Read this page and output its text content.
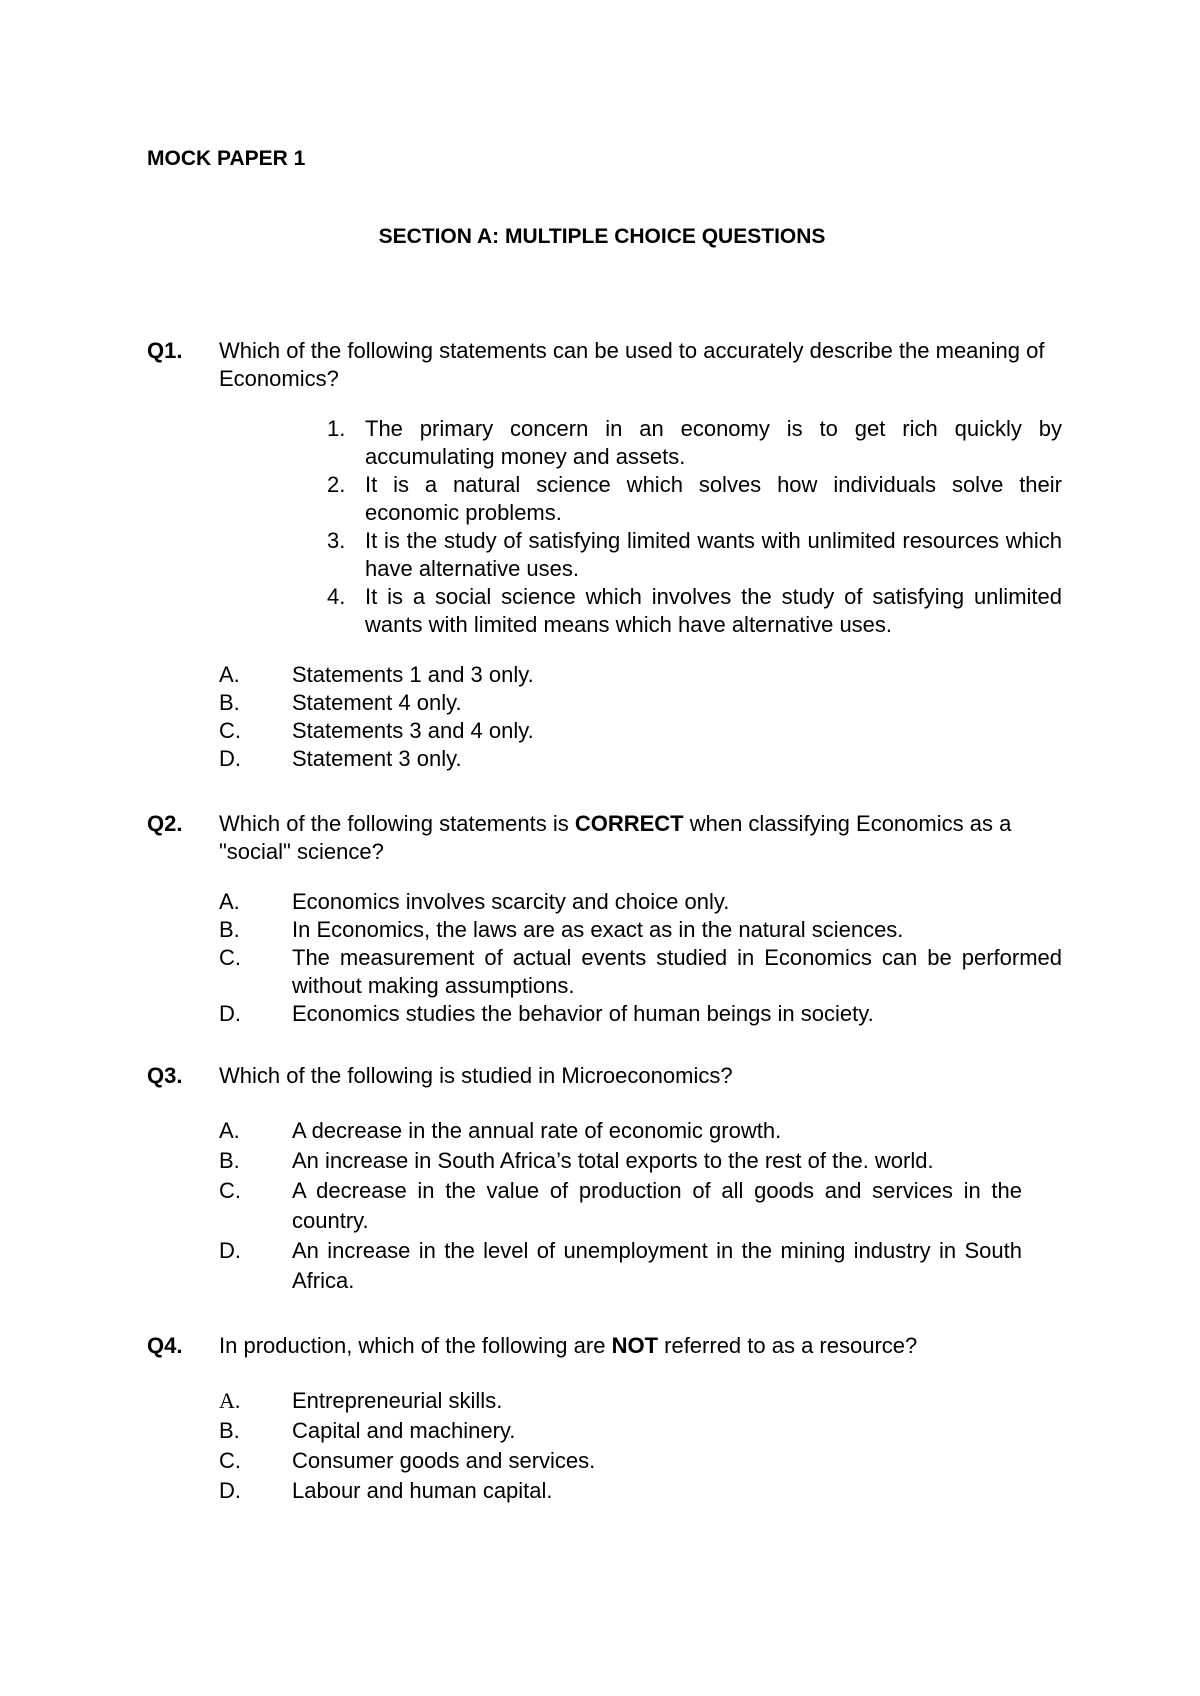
MOCK PAPER 1
SECTION A: MULTIPLE CHOICE QUESTIONS
Q1. Which of the following statements can be used to accurately describe the meaning of Economics?
1. The primary concern in an economy is to get rich quickly by accumulating money and assets.
2. It is a natural science which solves how individuals solve their economic problems.
3. It is the study of satisfying limited wants with unlimited resources which have alternative uses.
4. It is a social science which involves the study of satisfying unlimited wants with limited means which have alternative uses.
A. Statements 1 and 3 only.
B. Statement 4 only.
C. Statements 3 and 4 only.
D. Statement 3 only.
Q2. Which of the following statements is CORRECT when classifying Economics as a "social" science?
A. Economics involves scarcity and choice only.
B. In Economics, the laws are as exact as in the natural sciences.
C. The measurement of actual events studied in Economics can be performed without making assumptions.
D. Economics studies the behavior of human beings in society.
Q3. Which of the following is studied in Microeconomics?
A. A decrease in the annual rate of economic growth.
B. An increase in South Africa’s total exports to the rest of the. world.
C. A decrease in the value of production of all goods and services in the country.
D. An increase in the level of unemployment in the mining industry in South Africa.
Q4. In production, which of the following are NOT referred to as a resource?
A. Entrepreneurial skills.
B. Capital and machinery.
C. Consumer goods and services.
D. Labour and human capital.
